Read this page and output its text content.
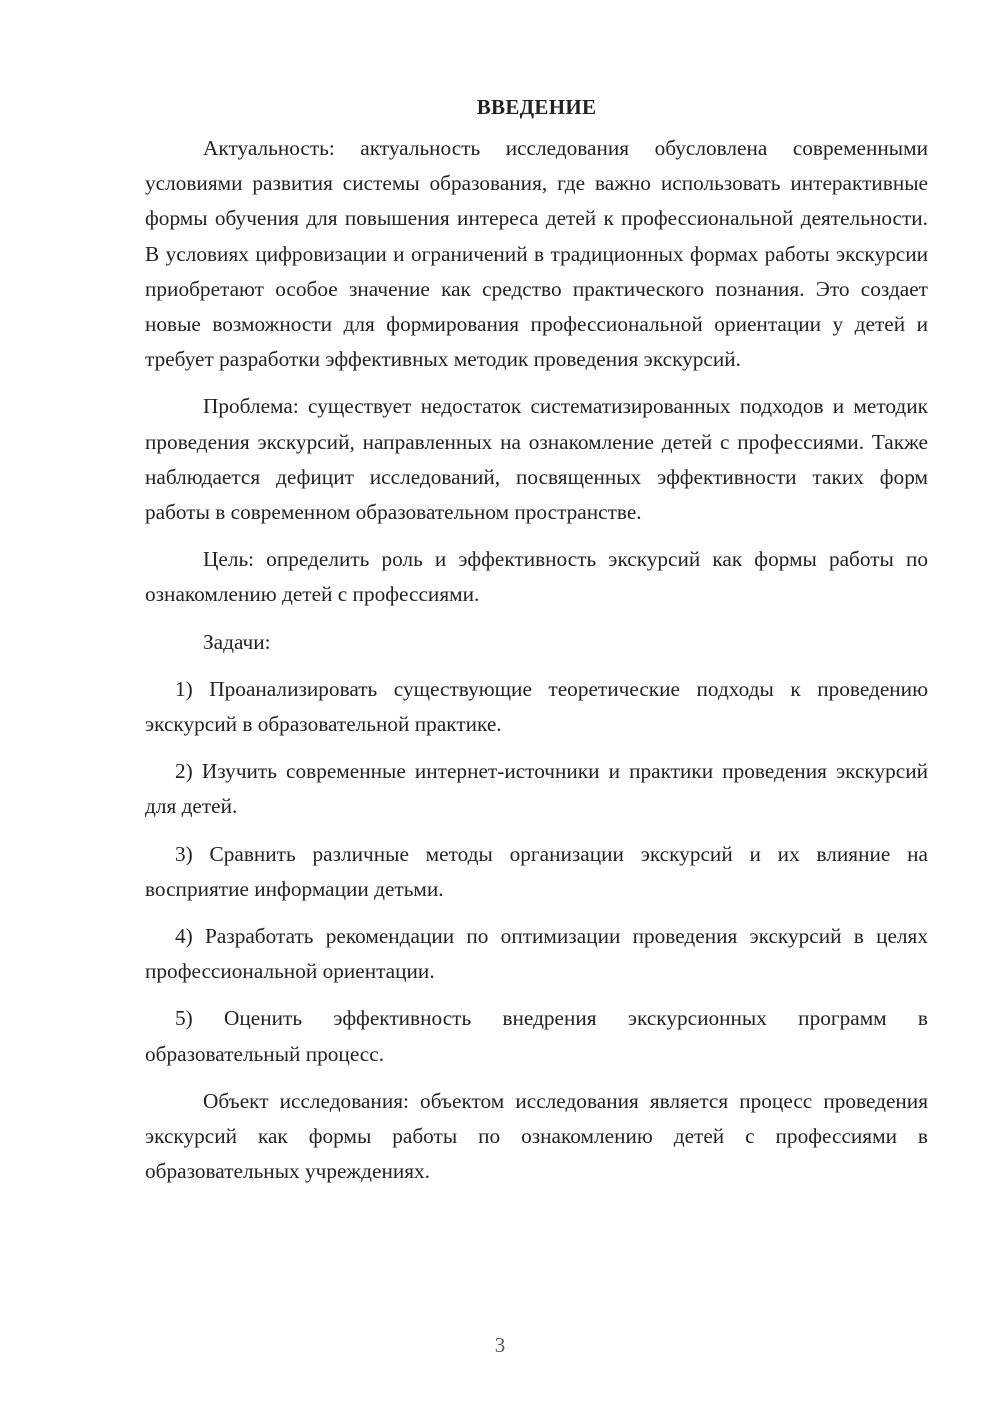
ВВЕДЕНИЕ

Актуальность: актуальность исследования обусловлена современными условиями развития системы образования, где важно использовать интерактивные формы обучения для повышения интереса детей к профессиональной деятельности. В условиях цифровизации и ограничений в традиционных формах работы экскурсии приобретают особое значение как средство практического познания. Это создает новые возможности для формирования профессиональной ориентации у детей и требует разработки эффективных методик проведения экскурсий.

Проблема: существует недостаток систематизированных подходов и методик проведения экскурсий, направленных на ознакомление детей с профессиями. Также наблюдается дефицит исследований, посвященных эффективности таких форм работы в современном образовательном пространстве.

Цель: определить роль и эффективность экскурсий как формы работы по ознакомлению детей с профессиями.

Задачи:

1) Проанализировать существующие теоретические подходы к проведению экскурсий в образовательной практике.

2) Изучить современные интернет-источники и практики проведения экскурсий для детей.

3) Сравнить различные методы организации экскурсий и их влияние на восприятие информации детьми.

4) Разработать рекомендации по оптимизации проведения экскурсий в целях профессиональной ориентации.

5) Оценить эффективность внедрения экскурсионных программ в образовательный процесс.

Объект исследования: объектом исследования является процесс проведения экскурсий как формы работы по ознакомлению детей с профессиями в образовательных учреждениях.

3
